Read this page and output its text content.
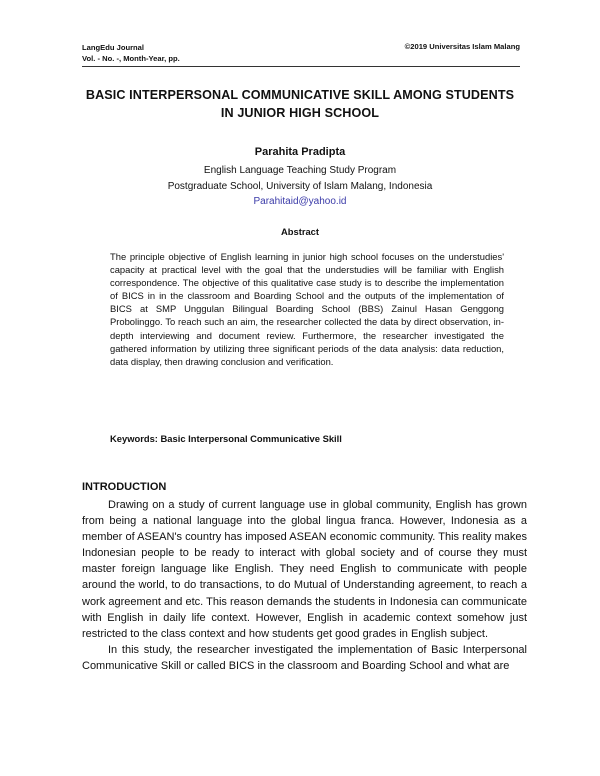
LangEdu Journal
Vol. - No. -, Month-Year, pp.
©2019 Universitas Islam Malang
BASIC INTERPERSONAL COMMUNICATIVE SKILL AMONG STUDENTS
IN JUNIOR HIGH SCHOOL
Parahita Pradipta
English Language Teaching Study Program
Postgraduate School, University of Islam Malang, Indonesia
Parahitaid@yahoo.id
Abstract
The principle objective of English learning in junior high school focuses on the understudies' capacity at practical level with the goal that the understudies will be familiar with English correspondence. The objective of this qualitative case study is to describe the implementation of BICS in in the classroom and Boarding School and the outputs of the implementation of BICS at SMP Unggulan Bilingual Boarding School (BBS) Zainul Hasan Genggong Probolinggo. To reach such an aim, the researcher collected the data by direct observation, in-depth interviewing and document review. Furthermore, the researcher investigated the gathered information by utilizing three significant periods of the data analysis: data reduction, data display, then drawing conclusion and verification.
Keywords: Basic Interpersonal Communicative Skill
INTRODUCTION

Drawing on a study of current language use in global community, English has grown from being a national language into the global lingua franca. However, Indonesia as a member of ASEAN's country has imposed ASEAN economic community. This reality makes Indonesian people to be ready to interact with global society and of course they must master foreign language like English. They need English to communicate with people around the world, to do transactions, to do Mutual of Understanding agreement, to reach a work agreement and etc. This reason demands the students in Indonesia can communicate with English in daily life context. However, English in academic context somehow just restricted to the class context and how students get good grades in English subject.

In this study, the researcher investigated the implementation of Basic Interpersonal Communicative Skill or called BICS in the classroom and Boarding School and what are
